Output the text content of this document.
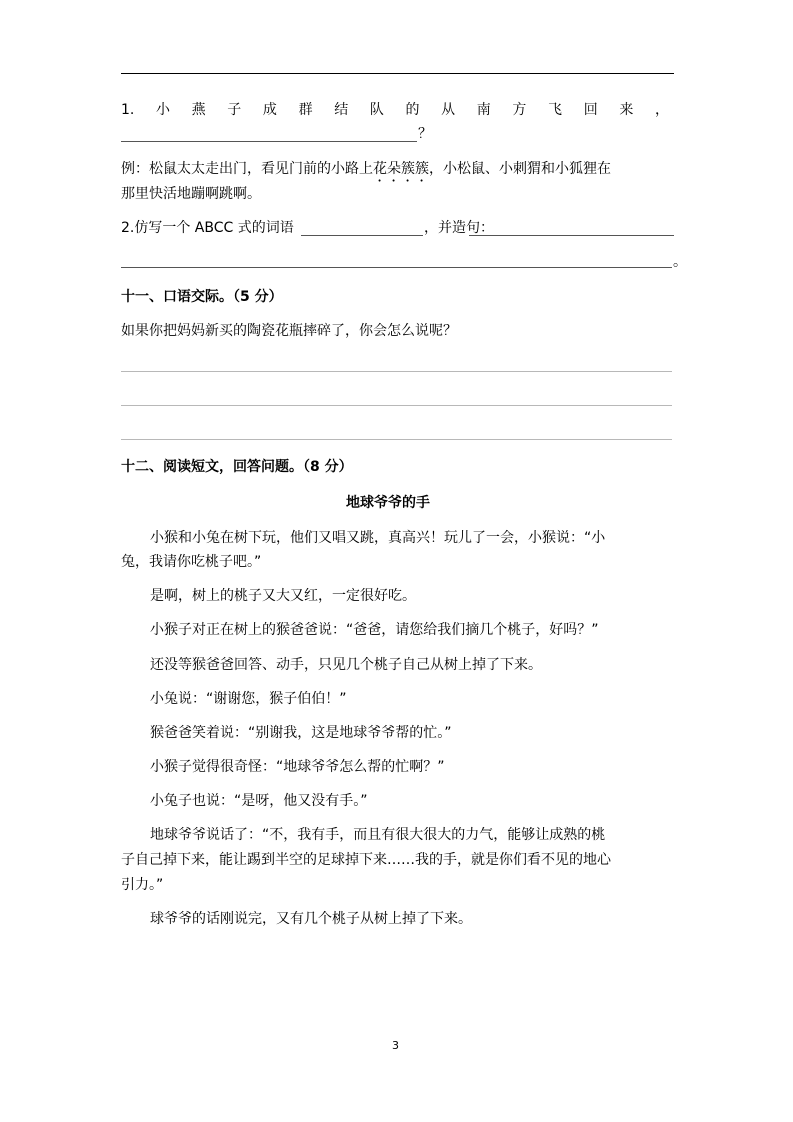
1. 小 燕 子 成 群 结 队 的 从 南 方 飞 回 来 ，
？
例：松鼠太太走出门，看见门前的小路上花朵簇簇，小松鼠、小刺猬和小狐狸在
那里快活地蹦啊跳啊。
2.仿写一个 ABCC 式的词语	，并造句：
。
十一、口语交际。（5 分）
如果你把妈妈新买的陶瓷花瓶摔碎了，你会怎么说呢？
十二、阅读短文，回答问题。（8 分）
地球爷爷的手
小猴和小兔在树下玩，他们又唱又跳，真高兴！玩儿了一会，小猴说：“小
兔，我请你吃桃子吧。”
是啊，树上的桃子又大又红，一定很好吃。
小猴子对正在树上的猴爸爸说：“爸爸，请您给我们摘几个桃子，好吗？”
还没等猴爸爸回答、动手，只见几个桃子自己从树上掉了下来。
小兔说：“谢谢您，猴子伯伯！”
猴爸爸笑着说：“别谢我，这是地球爷爷帮的忙。”
小猴子觉得很奇怪：“地球爷爷怎么帮的忙啊？”
小兔子也说：“是呀，他又没有手。”
地球爷爷说话了：“不，我有手，而且有很大很大的力气，能够让成熟的桃
子自己掉下来，能让踢到半空的足球掉下来……我的手，就是你们看不见的地心
引力。”
球爷爷的话刚说完，又有几个桃子从树上掉了下来。
3
